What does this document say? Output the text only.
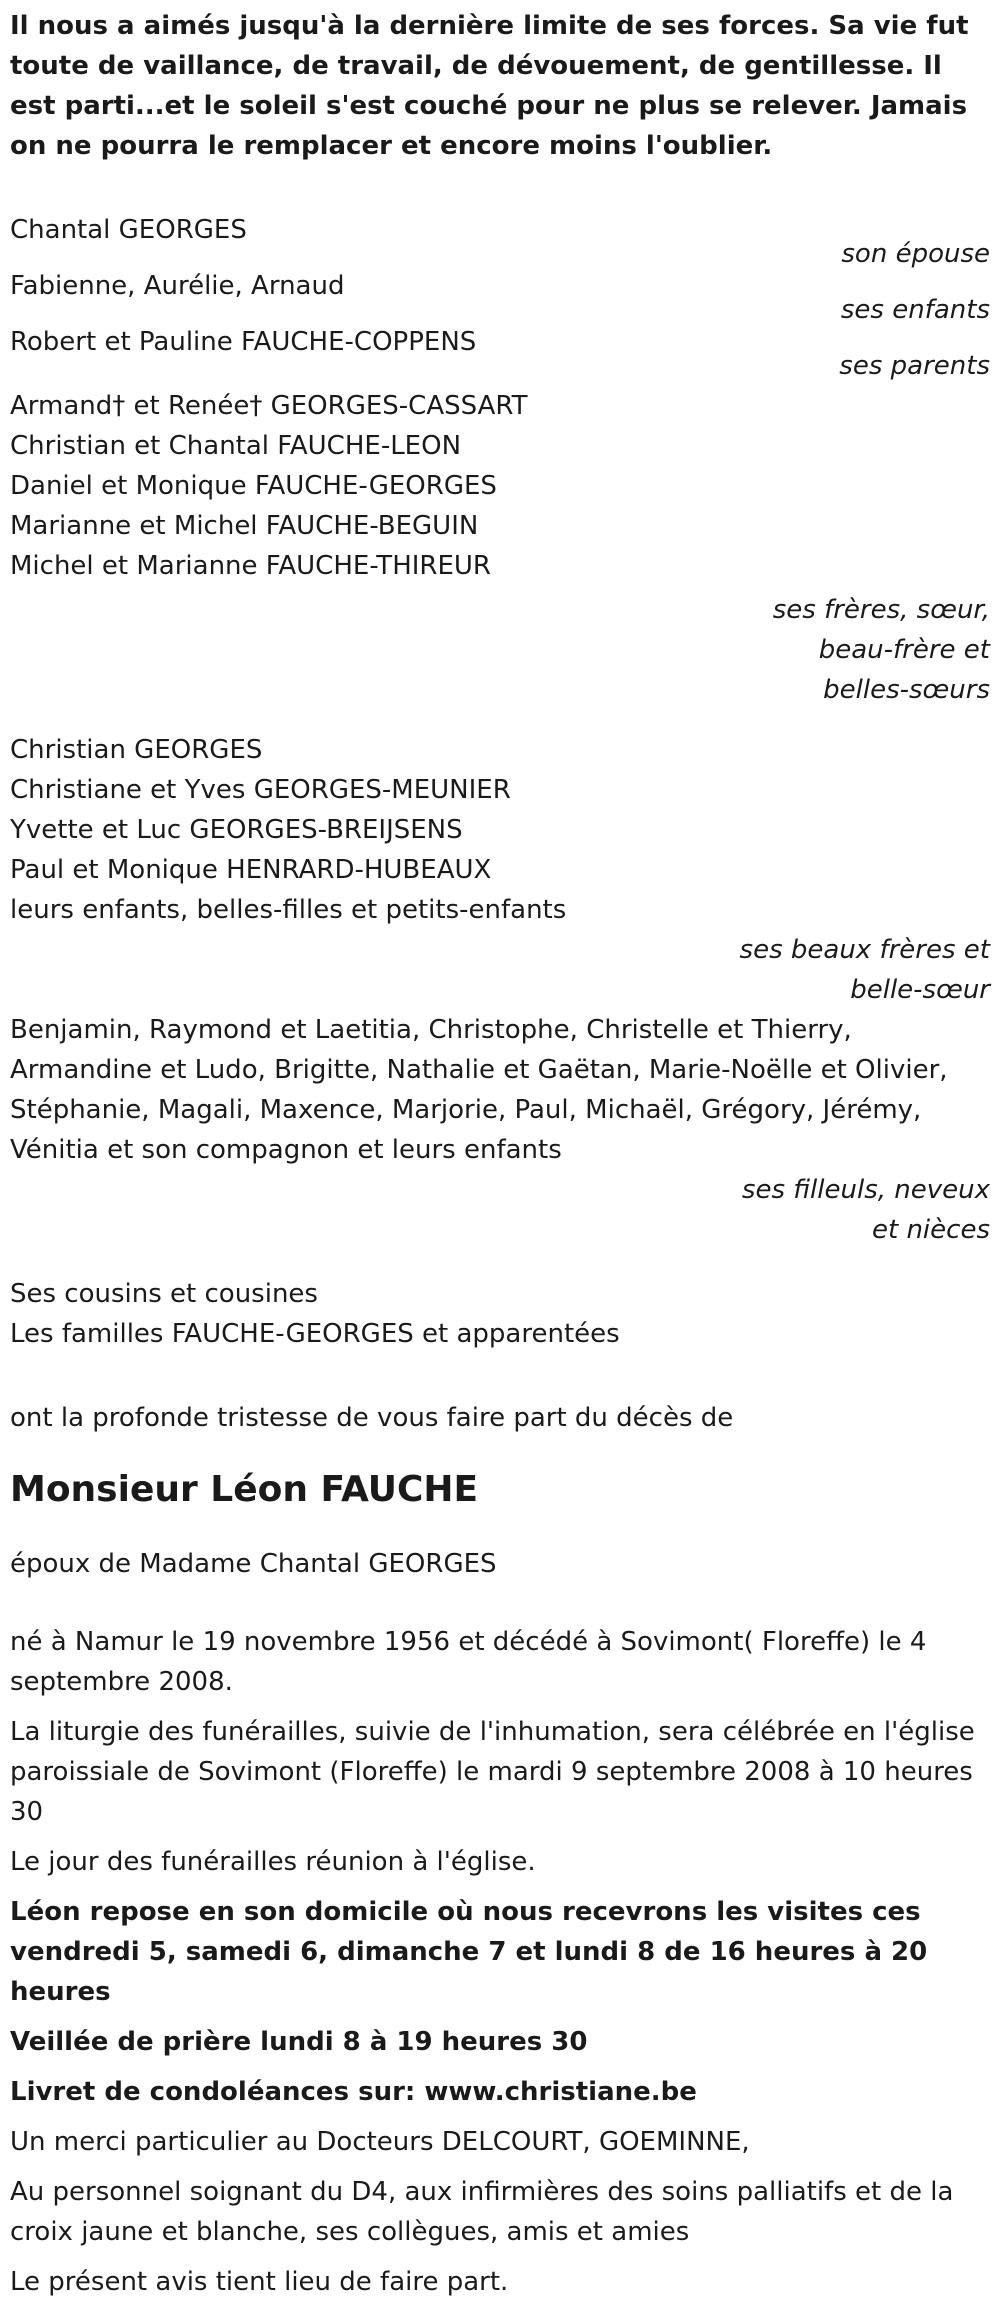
Il nous a aimés jusqu'à la dernière limite de ses forces. Sa vie fut toute de vaillance, de travail, de dévouement, de gentillesse. Il est parti...et le soleil s'est couché pour ne plus se relever. Jamais on ne pourra le remplacer et encore moins l'oublier.

Chantal GEORGES
son épouse
Fabienne, Aurélie, Arnaud
ses enfants
Robert et Pauline FAUCHE-COPPENS
ses parents
Armand† et Renée† GEORGES-CASSART
Christian et Chantal FAUCHE-LEON
Daniel et Monique FAUCHE-GEORGES
Marianne et Michel FAUCHE-BEGUIN
Michel et Marianne FAUCHE-THIREUR
ses frères, sœur,
beau-frère et
belles-sœurs
Christian GEORGES
Christiane et Yves GEORGES-MEUNIER
Yvette et Luc GEORGES-BREIJSENS
Paul et Monique HENRARD-HUBEAUX
leurs enfants, belles-filles et petits-enfants
ses beaux frères et
belle-sœur
Benjamin, Raymond et Laetitia, Christophe, Christelle et Thierry,
Armandine et Ludo, Brigitte, Nathalie et Gaëtan, Marie-Noëlle et Olivier,
Stéphanie, Magali, Maxence, Marjorie, Paul, Michaël, Grégory, Jérémy,
Vénitia et son compagnon et leurs enfants
ses filleuls, neveux
et nièces
Ses cousins et cousines
Les familles FAUCHE-GEORGES et apparentées

ont la profonde tristesse de vous faire part du décès de

Monsieur Léon FAUCHE

époux de Madame Chantal GEORGES

né à Namur le 19 novembre 1956 et décédé à Sovimont( Floreffe) le 4 septembre 2008.

La liturgie des funérailles, suivie de l'inhumation, sera célébrée en l'église paroissiale de Sovimont (Floreffe) le mardi 9 septembre 2008 à 10 heures 30

Le jour des funérailles réunion à l'église.

Léon repose en son domicile où nous recevrons les visites ces vendredi 5, samedi 6, dimanche 7 et lundi 8 de 16 heures à 20 heures

Veillée de prière lundi 8 à 19 heures 30

Livret de condoléances sur: www.christiane.be

Un merci particulier au Docteurs DELCOURT, GOEMINNE,

Au personnel soignant du D4, aux infirmières des soins palliatifs et de la croix jaune et blanche, ses collègues, amis et amies

Le présent avis tient lieu de faire part.
